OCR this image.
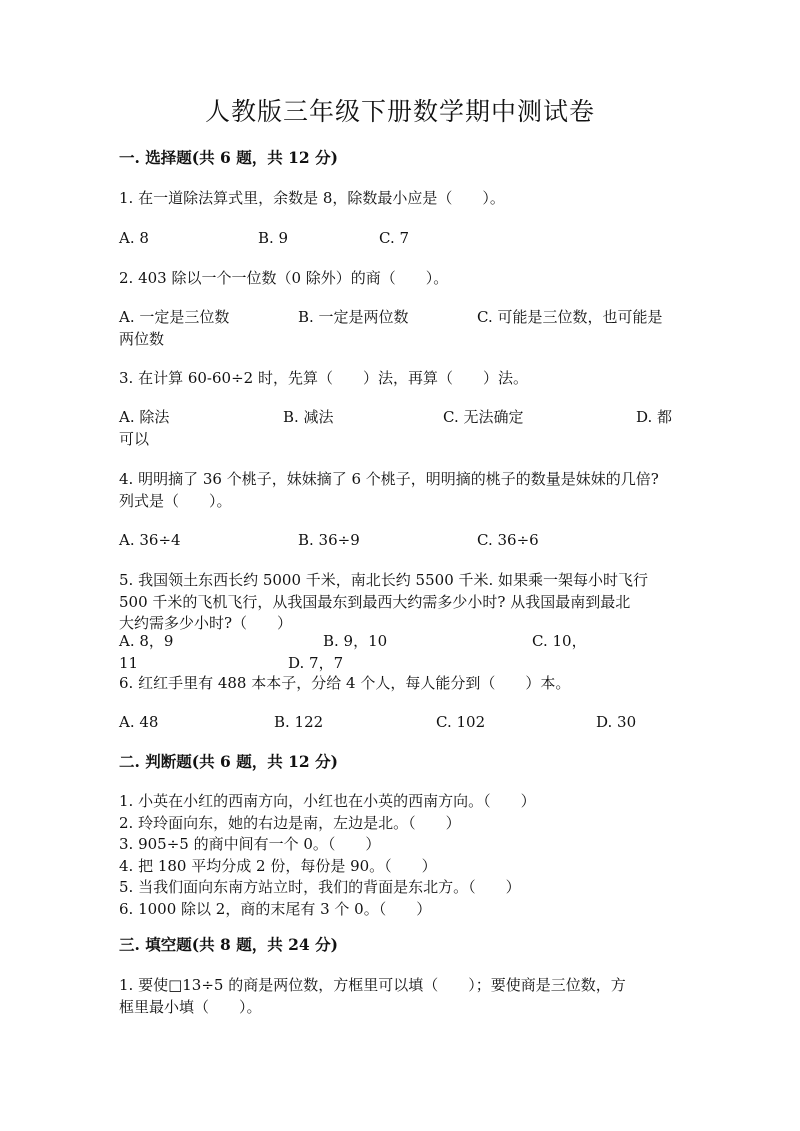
人教版三年级下册数学期中测试卷
一. 选择题(共 6 题，共 12 分)
1. 在一道除法算式里，余数是 8，除数最小应是（　　）。
A. 8	B. 9	C. 7
2. 403 除以一个一位数（0 除外）的商（　　）。
A. 一定是三位数	B. 一定是两位数	C. 可能是三位数，也可能是
两位数
3. 在计算 60-60÷2 时，先算（　　）法，再算（　　）法。
A. 除法	B. 减法	C. 无法确定	D. 都
可以
4. 明明摘了 36 个桃子，妹妹摘了 6 个桃子，明明摘的桃子的数量是妹妹的几倍?
列式是（　　）。
A. 36÷4	B. 36÷9	C. 36÷6
5. 我国领土东西长约 5000 千米，南北长约 5500 千米. 如果乘一架每小时飞行
500 千米的飞机飞行，从我国最东到最西大约需多少小时? 从我国最南到最北
大约需多少小时?（　　）
A. 8，9	B. 9，10	C. 10，
11	D. 7，7
6. 红红手里有 488 本本子，分给 4 个人，每人能分到（　　）本。
A. 48	B. 122	C. 102	D. 30
二. 判断题(共 6 题，共 12 分)
1. 小英在小红的西南方向，小红也在小英的西南方向。（　　）
2. 玲玲面向东，她的右边是南，左边是北。（　　）
3. 905÷5 的商中间有一个 0。（　　）
4. 把 180 平均分成 2 份，每份是 90。（　　）
5. 当我们面向东南方站立时，我们的背面是东北方。（　　）
6. 1000 除以 2，商的末尾有 3 个 0。（　　）
三. 填空题(共 8 题，共 24 分)
1. 要使□13÷5 的商是两位数，方框里可以填（　　）；要使商是三位数，方
框里最小填（　　）。
